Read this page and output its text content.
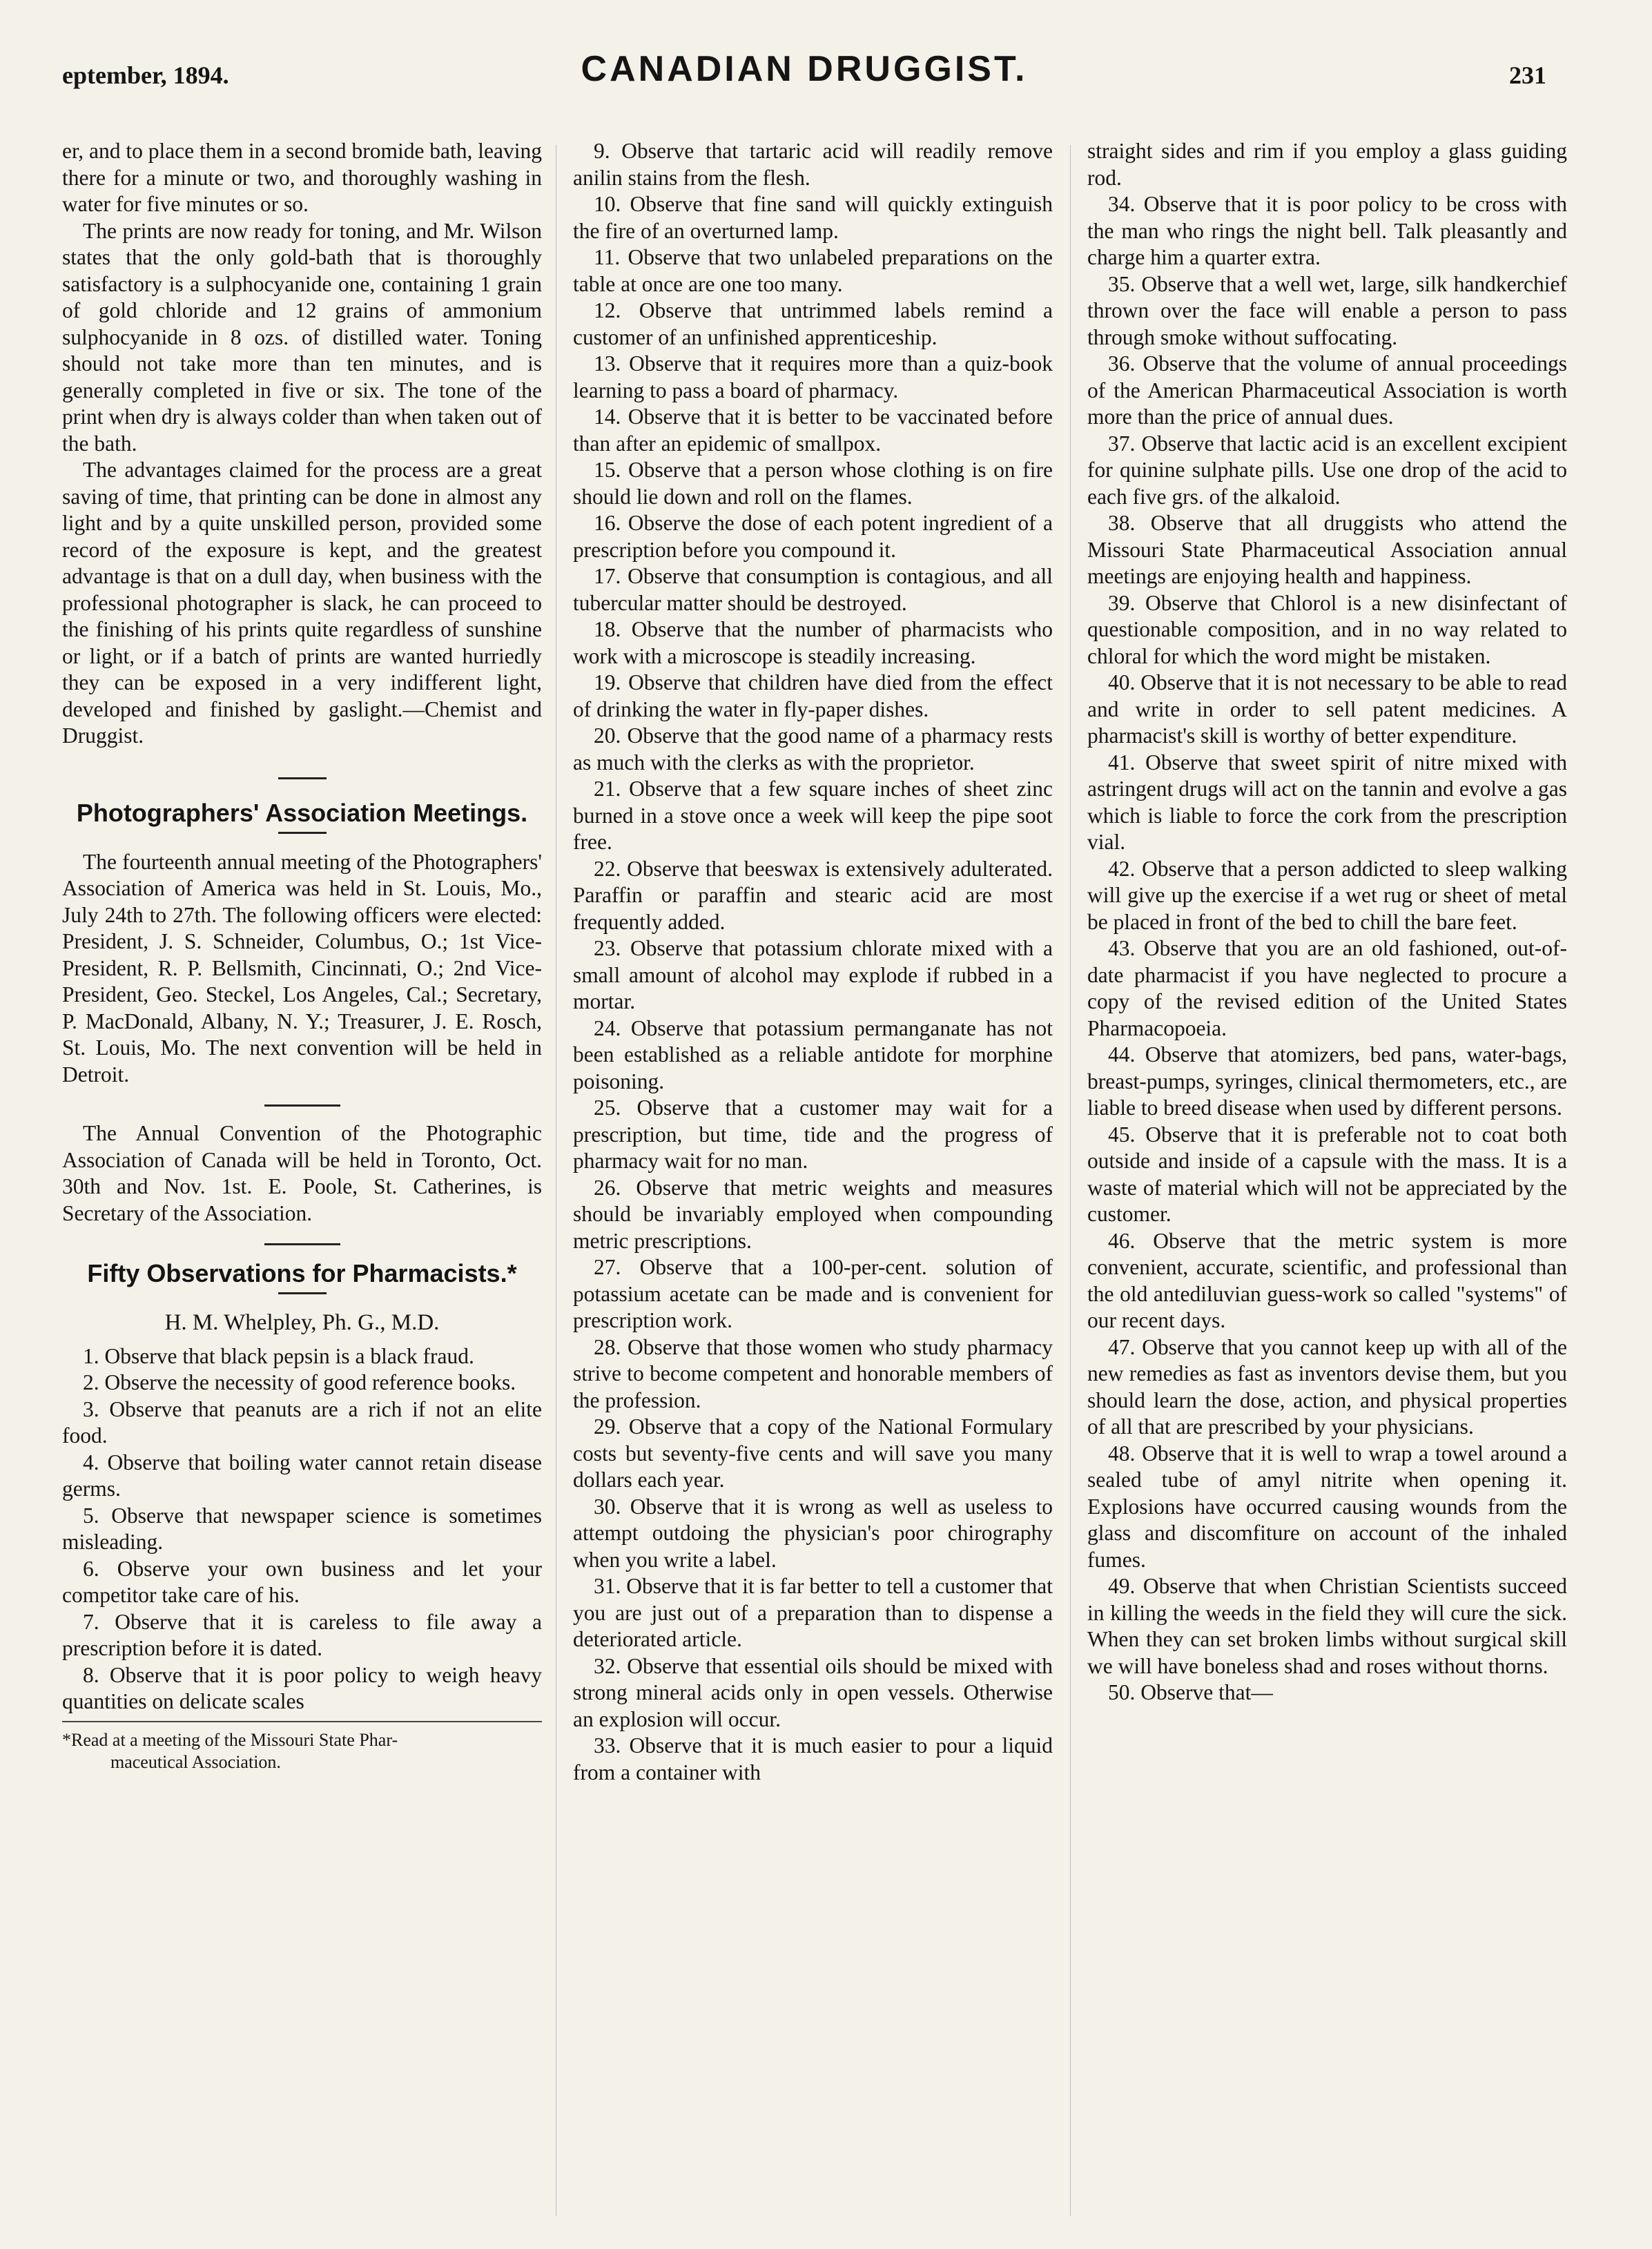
eptember, 1894.	CANADIAN DRUGGIST.	231

er, and to place them in a second bromide bath, leaving there for a minute or two, and thoroughly washing in water for five minutes or so.

The prints are now ready for toning, and Mr. Wilson states that the only gold-bath that is thoroughly satisfactory is a sulphocyanide one, containing 1 grain of gold chloride and 12 grains of ammonium sulphocyanide in 8 ozs. of distilled water. Toning should not take more than ten minutes, and is generally completed in five or six. The tone of the print when dry is always colder than when taken out of the bath.

The advantages claimed for the process are a great saving of time, that printing can be done in almost any light and by a quite unskilled person, provided some record of the exposure is kept, and the greatest advantage is that on a dull day, when business with the professional photographer is slack, he can proceed to the finishing of his prints quite regardless of sunshine or light, or if a batch of prints are wanted hurriedly they can be exposed in a very indifferent light, developed and finished by gaslight.—Chemist and Druggist.

Photographers' Association Meetings.

The fourteenth annual meeting of the Photographers' Association of America was held in St. Louis, Mo., July 24th to 27th. The following officers were elected: President, J. S. Schneider, Columbus, O.; 1st Vice-President, R. P. Bellsmith, Cincinnati, O.; 2nd Vice-President, Geo. Steckel, Los Angeles, Cal.; Secretary, P. MacDonald, Albany, N. Y.; Treasurer, J. E. Rosch, St. Louis, Mo. The next convention will be held in Detroit.

The Annual Convention of the Photographic Association of Canada will be held in Toronto, Oct. 30th and Nov. 1st. E. Poole, St. Catherines, is Secretary of the Association.

Fifty Observations for Pharmacists.*
H. M. Whelpley, Ph. G., M.D.

1. Observe that black pepsin is a black fraud.

2. Observe the necessity of good reference books.

3. Observe that peanuts are a rich if not an elite food.

4. Observe that boiling water cannot retain disease germs.

5. Observe that newspaper science is sometimes misleading.

6. Observe your own business and let your competitor take care of his.

7. Observe that it is careless to file away a prescription before it is dated.

8. Observe that it is poor policy to weigh heavy quantities on delicate scales

*Read at a meeting of the Missouri State Phar-
maceutical Association.

9. Observe that tartaric acid will readily remove anilin stains from the flesh.

10. Observe that fine sand will quickly extinguish the fire of an overturned lamp.

11. Observe that two unlabeled preparations on the table at once are one too many.

12. Observe that untrimmed labels remind a customer of an unfinished apprenticeship.

13. Observe that it requires more than a quiz-book learning to pass a board of pharmacy.

14. Observe that it is better to be vaccinated before than after an epidemic of smallpox.

15. Observe that a person whose clothing is on fire should lie down and roll on the flames.

16. Observe the dose of each potent ingredient of a prescription before you compound it.

17. Observe that consumption is contagious, and all tubercular matter should be destroyed.

18. Observe that the number of pharmacists who work with a microscope is steadily increasing.

19. Observe that children have died from the effect of drinking the water in fly-paper dishes.

20. Observe that the good name of a pharmacy rests as much with the clerks as with the proprietor.

21. Observe that a few square inches of sheet zinc burned in a stove once a week will keep the pipe soot free.

22. Observe that beeswax is extensively adulterated. Paraffin or paraffin and stearic acid are most frequently added.

23. Observe that potassium chlorate mixed with a small amount of alcohol may explode if rubbed in a mortar.

24. Observe that potassium permanganate has not been established as a reliable antidote for morphine poisoning.

25. Observe that a customer may wait for a prescription, but time, tide and the progress of pharmacy wait for no man.

26. Observe that metric weights and measures should be invariably employed when compounding metric prescriptions.

27. Observe that a 100-per-cent. solution of potassium acetate can be made and is convenient for prescription work.

28. Observe that those women who study pharmacy strive to become competent and honorable members of the profession.

29. Observe that a copy of the National Formulary costs but seventy-five cents and will save you many dollars each year.

30. Observe that it is wrong as well as useless to attempt outdoing the physician's poor chirography when you write a label.

31. Observe that it is far better to tell a customer that you are just out of a preparation than to dispense a deteriorated article.

32. Observe that essential oils should be mixed with strong mineral acids only in open vessels. Otherwise an explosion will occur.

33. Observe that it is much easier to pour a liquid from a container with

straight sides and rim if you employ a glass guiding rod.

34. Observe that it is poor policy to be cross with the man who rings the night bell. Talk pleasantly and charge him a quarter extra.

35. Observe that a well wet, large, silk handkerchief thrown over the face will enable a person to pass through smoke without suffocating.

36. Observe that the volume of annual proceedings of the American Pharmaceutical Association is worth more than the price of annual dues.

37. Observe that lactic acid is an excellent excipient for quinine sulphate pills. Use one drop of the acid to each five grs. of the alkaloid.

38. Observe that all druggists who attend the Missouri State Pharmaceutical Association annual meetings are enjoying health and happiness.

39. Observe that Chlorol is a new disinfectant of questionable composition, and in no way related to chloral for which the word might be mistaken.

40. Observe that it is not necessary to be able to read and write in order to sell patent medicines. A pharmacist's skill is worthy of better expenditure.

41. Observe that sweet spirit of nitre mixed with astringent drugs will act on the tannin and evolve a gas which is liable to force the cork from the prescription vial.

42. Observe that a person addicted to sleep walking will give up the exercise if a wet rug or sheet of metal be placed in front of the bed to chill the bare feet.

43. Observe that you are an old fashioned, out-of-date pharmacist if you have neglected to procure a copy of the revised edition of the United States Pharmacopoeia.

44. Observe that atomizers, bed pans, water-bags, breast-pumps, syringes, clinical thermometers, etc., are liable to breed disease when used by different persons.

45. Observe that it is preferable not to coat both outside and inside of a capsule with the mass. It is a waste of material which will not be appreciated by the customer.

46. Observe that the metric system is more convenient, accurate, scientific, and professional than the old antediluvian guess-work so called "systems" of our recent days.

47. Observe that you cannot keep up with all of the new remedies as fast as inventors devise them, but you should learn the dose, action, and physical properties of all that are prescribed by your physicians.

48. Observe that it is well to wrap a towel around a sealed tube of amyl nitrite when opening it. Explosions have occurred causing wounds from the glass and discomfiture on account of the inhaled fumes.

49. Observe that when Christian Scientists succeed in killing the weeds in the field they will cure the sick. When they can set broken limbs without surgical skill we will have boneless shad and roses without thorns.

50. Observe that—
